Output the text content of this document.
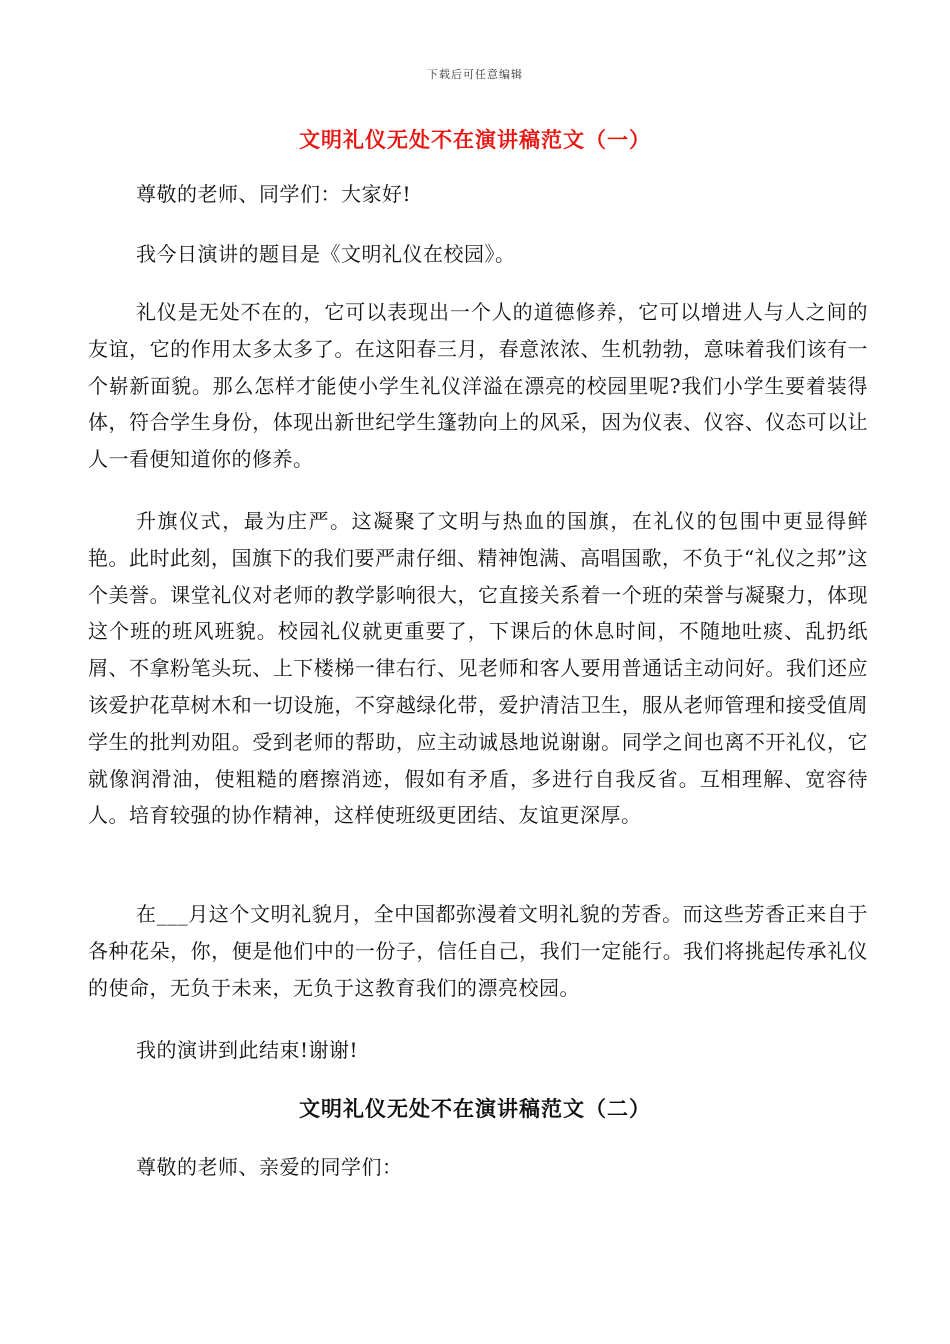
下载后可任意编辑
文明礼仪无处不在演讲稿范文（一）

尊敬的老师、同学们：大家好!

我今日演讲的题目是《文明礼仪在校园》。

礼仪是无处不在的，它可以表现出一个人的道德修养，它可以增进人与人之间的友谊，它的作用太多太多了。在这阳春三月，春意浓浓、生机勃勃，意味着我们该有一个崭新面貌。那么怎样才能使小学生礼仪洋溢在漂亮的校园里呢?我们小学生要着装得体，符合学生身份，体现出新世纪学生篷勃向上的风采，因为仪表、仪容、仪态可以让人一看便知道你的修养。

升旗仪式，最为庄严。这凝聚了文明与热血的国旗，在礼仪的包围中更显得鲜艳。此时此刻，国旗下的我们要严肃仔细、精神饱满、高唱国歌，不负于“礼仪之邦”这个美誉。课堂礼仪对老师的教学影响很大，它直接关系着一个班的荣誉与凝聚力，体现这个班的班风班貌。校园礼仪就更重要了，下课后的休息时间，不随地吐痰、乱扔纸屑、不拿粉笔头玩、上下楼梯一律右行、见老师和客人要用普通话主动问好。我们还应该爱护花草树木和一切设施，不穿越绿化带，爱护清洁卫生，服从老师管理和接受值周学生的批判劝阻。受到老师的帮助，应主动诚恳地说谢谢。同学之间也离不开礼仪，它就像润滑油，使粗糙的磨擦消迹，假如有矛盾，多进行自我反省。互相理解、宽容待人。培育较强的协作精神，这样使班级更团结、友谊更深厚。

在___月这个文明礼貌月，全中国都弥漫着文明礼貌的芳香。而这些芳香正来自于各种花朵，你，便是他们中的一份子，信任自己，我们一定能行。我们将挑起传承礼仪的使命，无负于未来，无负于这教育我们的漂亮校园。

我的演讲到此结束!谢谢!

文明礼仪无处不在演讲稿范文（二）

尊敬的老师、亲爱的同学们：
